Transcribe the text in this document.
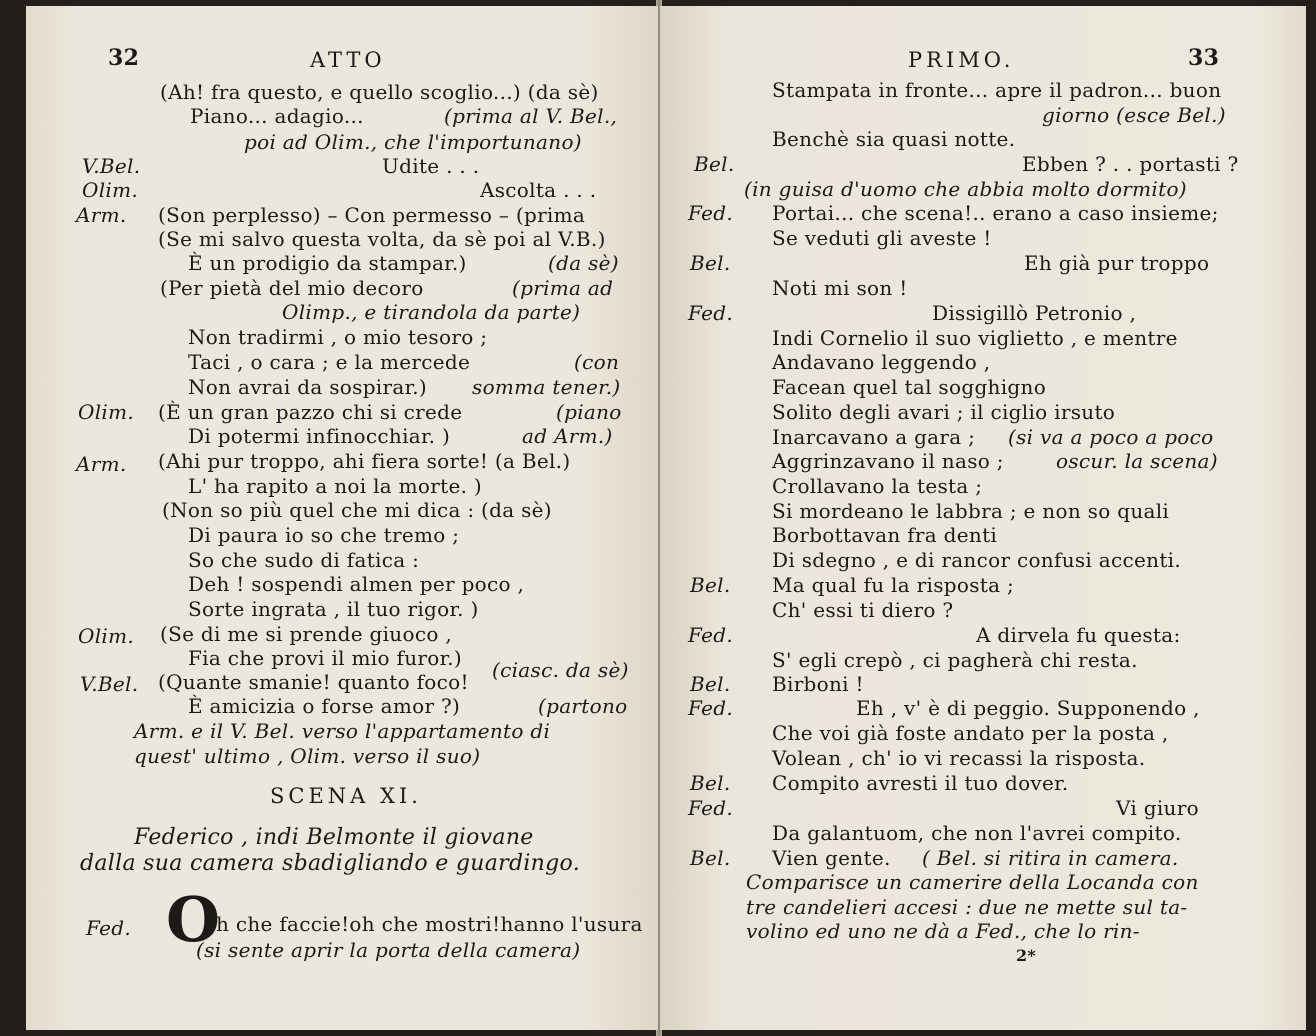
32	ATTO
(Ah! fra questo, e quello scoglio...) (da sè)
Piano... adagio...	(prima al V. Bel.,
poi ad Olim., che l'importunano)
V.Bel.	Udite . . .
Olim.	Ascolta . . .
Arm. (Son perplesso) – Con permesso – (prima
(Se mi salvo questa volta, da sè poi al V.B.)
È un prodigio da stampar.)	(da sè)
(Per pietà del mio decoro	(prima ad
Olimp., e tirandola da parte)
Non tradirmi , o mio tesoro ;
Taci , o cara ; e la mercede	(con
Non avrai da sospirar.) somma tener.)
Olim. (È un gran pazzo chi si crede	(piano
Di potermi infinocchiar. )	ad Arm.)
Arm. (Ahi pur troppo, ahi fiera sorte! (a Bel.)
L' ha rapito a noi la morte. )
(Non so più quel che mi dica : (da sè)
Di paura io so che tremo ;
So che sudo di fatica :
Deh ! sospendi almen per poco ,
Sorte ingrata , il tuo rigor. )
Olim. (Se di me si prende giuoco ,
Fia che provi il mio furor.) (ciasc. da sè)
V.Bel. (Quante smanie! quanto foco!
È amicizia o forse amor ?)	(partono
Arm. e il V. Bel. verso l'appartamento di
quest' ultimo , Olim. verso il suo)
SCENA XI.
Federico , indi Belmonte il giovane
dalla sua camera sbadigliando e guardingo.
Fed. O
h che faccie!oh che mostri!hanno l'usura
(si sente aprir la porta della camera)
PRIMO.	33
Stampata in fronte... apre il padron... buon
giorno (esce Bel.)
Benchè sia quasi notte.
Bel.	Ebben ? . . portasti ?
(in guisa d'uomo che abbia molto dormito)
Fed. Portai... che scena!.. erano a caso insieme;
Se veduti gli aveste !
Bel.	Eh già pur troppo
Noti mi son !
Fed.	Dissigillò Petronio ,
Indi Cornelio il suo viglietto , e mentre
Andavano leggendo ,
Facean quel tal sogghigno
Solito degli avari ; il ciglio irsuto
Inarcavano a gara ; (si va a poco a poco
Aggrinzavano il naso ;	oscur. la scena)
Crollavano la testa ;
Si mordeano le labbra ; e non so quali
Borbottavan fra denti
Di sdegno , e di rancor confusi accenti.
Bel. Ma qual fu la risposta ;
Ch' essi ti diero ?
Fed.	A dirvela fu questa:
S' egli crepò , ci pagherà chi resta.
Bel. Birboni !
Fed.	Eh , v' è di peggio. Supponendo ,
Che voi già foste andato per la posta ,
Volean , ch' io vi recassi la risposta.
Bel. Compito avresti il tuo dover.
Fed.	Vi giuro
Da galantuom, che non l'avrei compito.
Bel. Vien gente. ( Bel. si ritira in camera.
Comparisce un camerire della Locanda con
tre candelieri accesi : due ne mette sul ta-
volino ed uno ne dà a Fed., che lo rin-
2*
